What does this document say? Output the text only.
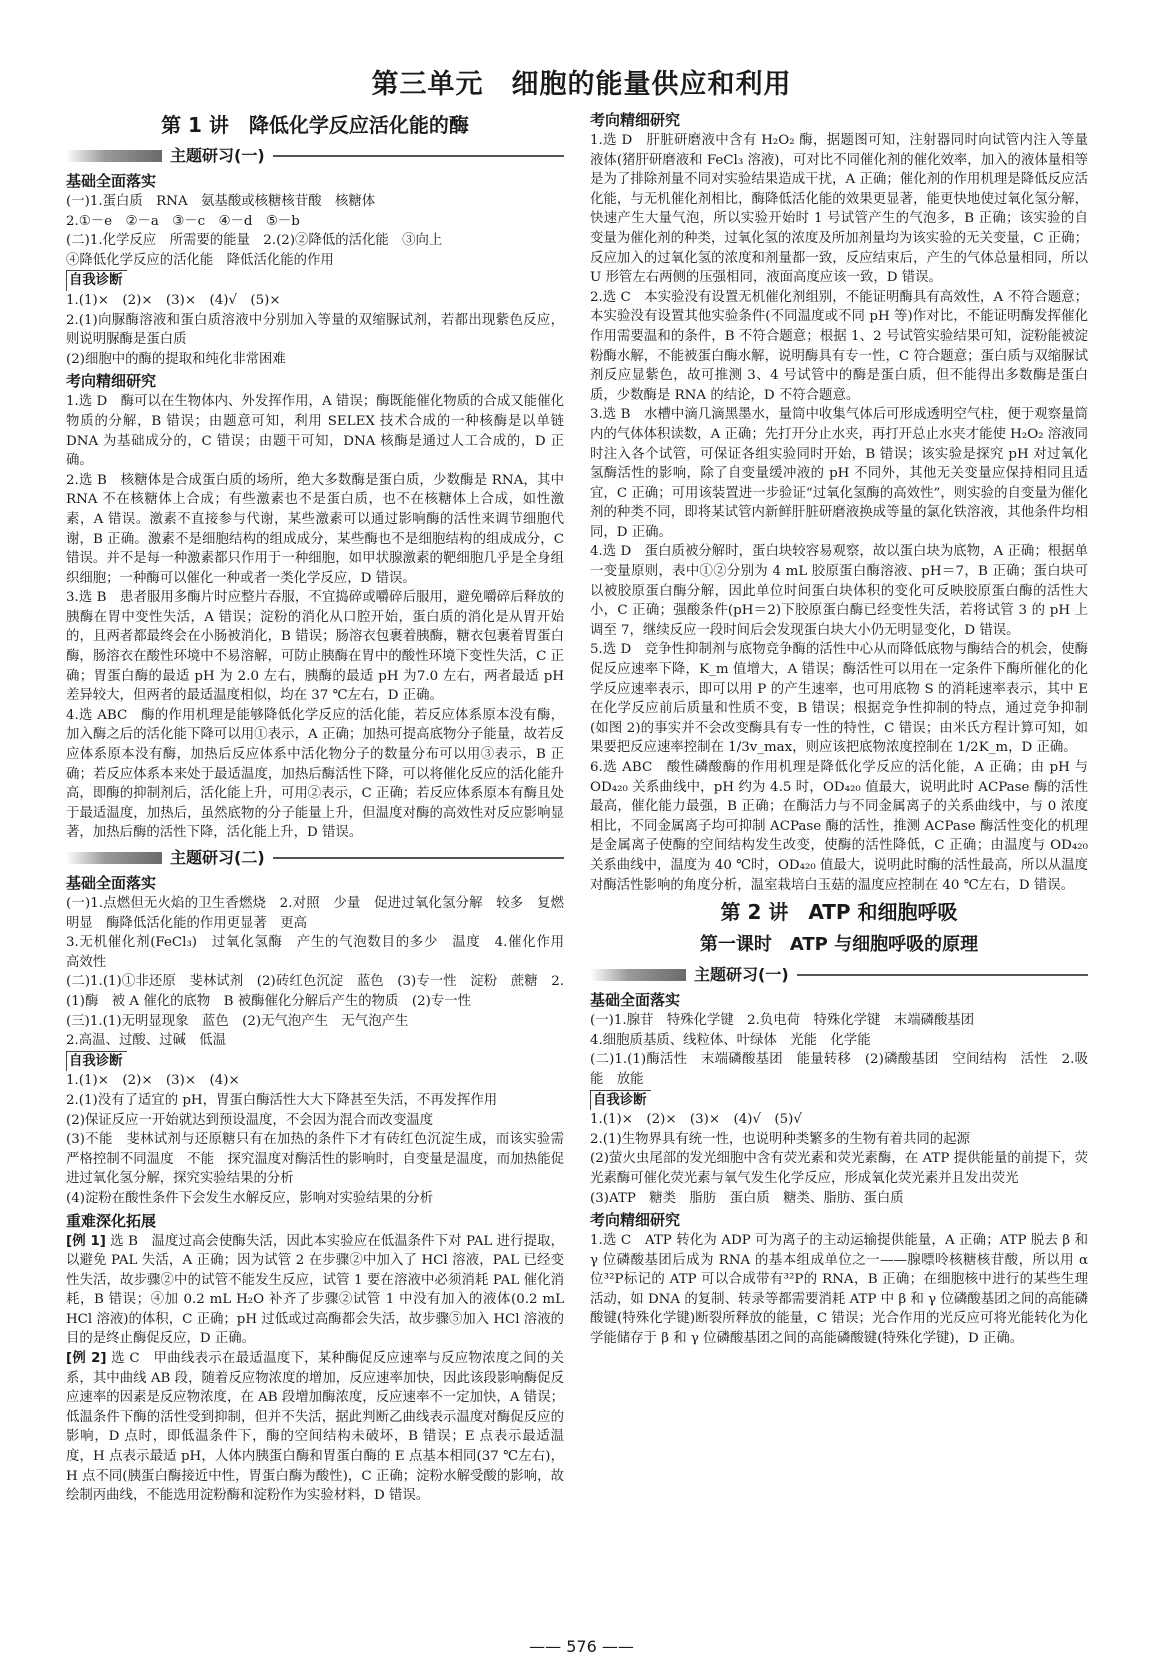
第三单元　细胞的能量供应和利用
第 1 讲　降低化学反应活化能的酶
主题研习(一)
基础全面落实
(一)1.蛋白质　RNA　氨基酸或核糖核苷酸　核糖体
2.①－e　②－a　③－c　④－d　⑤－b
(二)1.化学反应　所需要的能量　2.(2)②降低的活化能　③向上
④降低化学反应的活化能　降低活化能的作用
自我诊断
1.(1)×　(2)×　(3)×　(4)√　(5)×
2.(1)向脲酶溶液和蛋白质溶液中分别加入等量的双缩脲试剂，若都出现紫色反应，则说明脲酶是蛋白质
(2)细胞中的酶的提取和纯化非常困难
考向精细研究
1.选 D　酶可以在生物体内、外发挥作用，A 错误；酶既能催化物质的合成又能催化物质的分解，B 错误；由题意可知，利用 SELEX 技术合成的一种核酶是以单链 DNA 为基础成分的，C 错误；由题干可知，DNA 核酶是通过人工合成的，D 正确。
2.选 B　核糖体是合成蛋白质的场所，绝大多数酶是蛋白质，少数酶是 RNA，其中 RNA 不在核糖体上合成；有些激素也不是蛋白质，也不在核糖体上合成，如性激素，A 错误。激素不直接参与代谢，某些激素可以通过影响酶的活性来调节细胞代谢，B 正确。激素不是细胞结构的组成成分，某些酶也不是细胞结构的组成成分，C 错误。并不是每一种激素都只作用于一种细胞，如甲状腺激素的靶细胞几乎是全身组织细胞；一种酶可以催化一种或者一类化学反应，D 错误。
3.选 B　患者服用多酶片时应整片吞服，不宜捣碎或嚼碎后服用，避免嚼碎后释放的胰酶在胃中变性失活，A 错误；淀粉的消化从口腔开始，蛋白质的消化是从胃开始的，且两者都最终会在小肠被消化，B 错误；肠溶衣包裹着胰酶，糖衣包裹着胃蛋白酶，肠溶衣在酸性环境中不易溶解，可防止胰酶在胃中的酸性环境下变性失活，C 正确；胃蛋白酶的最适 pH 为 2.0 左右，胰酶的最适 pH 为7.0 左右，两者最适 pH 差异较大，但两者的最适温度相似，均在 37 ℃左右，D 正确。
4.选 ABC　酶的作用机理是能够降低化学反应的活化能，若反应体系原本没有酶，加入酶之后的活化能下降可以用①表示，A 正确；加热可提高底物分子能量，故若反应体系原本没有酶，加热后反应体系中活化物分子的数量分布可以用③表示，B 正确；若反应体系本来处于最适温度，加热后酶活性下降，可以将催化反应的活化能升高，即酶的抑制剂后，活化能上升，可用②表示，C 正确；若反应体系原本有酶且处于最适温度，加热后，虽然底物的分子能量上升，但温度对酶的高效性对反应影响显著，加热后酶的活性下降，活化能上升，D 错误。
主题研习(二)
基础全面落实
(一)1.点燃但无火焰的卫生香燃烧　2.对照　少量　促进过氧化氢分解　较多　复燃明显　酶降低活化能的作用更显著　更高
3.无机催化剂(FeCl₃)　过氧化氢酶　产生的气泡数目的多少　温度　4.催化作用　高效性
(二)1.(1)①非还原　斐林试剂　(2)砖红色沉淀　蓝色　(3)专一性　淀粉　蔗糖　2.(1)酶　被 A 催化的底物　B 被酶催化分解后产生的物质　(2)专一性
(三)1.(1)无明显现象　蓝色　(2)无气泡产生　无气泡产生
2.高温、过酸、过碱　低温
自我诊断
1.(1)×　(2)×　(3)×　(4)×
2.(1)没有了适宜的 pH，胃蛋白酶活性大大下降甚至失活，不再发挥作用
(2)保证反应一开始就达到预设温度，不会因为混合而改变温度
(3)不能　斐林试剂与还原糖只有在加热的条件下才有砖红色沉淀生成，而该实验需严格控制不同温度　不能　探究温度对酶活性的影响时，自变量是温度，而加热能促进过氧化氢分解，探究实验结果的分析
(4)淀粉在酸性条件下会发生水解反应，影响对实验结果的分析
重难深化拓展
[例 1] 选 B　温度过高会使酶失活，因此本实验应在低温条件下对 PAL 进行提取，以避免 PAL 失活，A 正确；因为试管 2 在步骤②中加入了 HCl 溶液，PAL 已经变性失活，故步骤②中的试管不能发生反应，试管 1 要在溶液中必须消耗 PAL 催化消耗，B 错误；④加 0.2 mL H₂O 补齐了步骤②试管 1 中没有加入的液体(0.2 mL HCl 溶液)的体积，C 正确；pH 过低或过高酶都会失活，故步骤⑤加入 HCl 溶液的目的是终止酶促反应，D 正确。
[例 2] 选 C　甲曲线表示在最适温度下，某种酶促反应速率与反应物浓度之间的关系，其中曲线 AB 段，随着反应物浓度的增加，反应速率加快，因此该段影响酶促反应速率的因素是反应物浓度，在 AB 段增加酶浓度，反应速率不一定加快，A 错误；低温条件下酶的活性受到抑制，但并不失活，据此判断乙曲线表示温度对酶促反应的影响，D 点时，即低温条件下，酶的空间结构未破坏，B 错误；E 点表示最适温度，H 点表示最适 pH，人体内胰蛋白酶和胃蛋白酶的 E 点基本相同(37 ℃左右)，H 点不同(胰蛋白酶接近中性，胃蛋白酶为酸性)，C 正确；淀粉水解受酸的影响，故绘制丙曲线，不能选用淀粉酶和淀粉作为实验材料，D 错误。
考向精细研究
1.选 D　肝脏研磨液中含有 H₂O₂ 酶，据题图可知，注射器同时向试管内注入等量液体(猪肝研磨液和 FeCl₃ 溶液)，可对比不同催化剂的催化效率，加入的液体量相等是为了排除剂量不同对实验结果造成干扰，A 正确；催化剂的作用机理是降低反应活化能，与无机催化剂相比，酶降低活化能的效果更显著，能更快地使过氧化氢分解，快速产生大量气泡，所以实验开始时 1 号试管产生的气泡多，B 正确；该实验的自变量为催化剂的种类，过氧化氢的浓度及所加剂量均为该实验的无关变量，C 正确；反应加入的过氧化氢的浓度和剂量都一致，反应结束后，产生的气体总量相同，所以 U 形管左右两侧的压强相同，液面高度应该一致，D 错误。
2.选 C　本实验没有设置无机催化剂组别，不能证明酶具有高效性，A 不符合题意；本实验没有设置其他实验条件(不同温度或不同 pH 等)作对比，不能证明酶发挥催化作用需要温和的条件，B 不符合题意；根据 1、2 号试管实验结果可知，淀粉能被淀粉酶水解，不能被蛋白酶水解，说明酶具有专一性，C 符合题意；蛋白质与双缩脲试剂反应显紫色，故可推测 3、4 号试管中的酶是蛋白质，但不能得出多数酶是蛋白质，少数酶是 RNA 的结论，D 不符合题意。
3.选 B　水槽中滴几滴黑墨水，量筒中收集气体后可形成透明空气柱，便于观察量筒内的气体体积读数，A 正确；先打开分止水夹，再打开总止水夹才能使 H₂O₂ 溶液同时注入各个试管，可保证各组实验同时开始，B 错误；该实验是探究 pH 对过氧化氢酶活性的影响，除了自变量缓冲液的 pH 不同外，其他无关变量应保持相同且适宜，C 正确；可用该装置进一步验证“过氧化氢酶的高效性”，则实验的自变量为催化剂的种类不同，即将某试管内新鲜肝脏研磨液换成等量的氯化铁溶液，其他条件均相同，D 正确。
4.选 D　蛋白质被分解时，蛋白块较容易观察，故以蛋白块为底物，A 正确；根据单一变量原则，表中①②分别为 4 mL 胶原蛋白酶溶液、pH＝7，B 正确；蛋白块可以被胶原蛋白酶分解，因此单位时间蛋白块体积的变化可反映胶原蛋白酶的活性大小，C 正确；强酸条件(pH＝2)下胶原蛋白酶已经变性失活，若将试管 3 的 pH 上调至 7，继续反应一段时间后会发现蛋白块大小仍无明显变化，D 错误。
5.选 D　竞争性抑制剂与底物竞争酶的活性中心从而降低底物与酶结合的机会，使酶促反应速率下降，K_m 值增大，A 错误；酶活性可以用在一定条件下酶所催化的化学反应速率表示，即可以用 P 的产生速率，也可用底物 S 的消耗速率表示，其中 E 在化学反应前后质量和性质不变，B 错误；根据竞争性抑制的特点，通过竞争抑制(如图 2)的事实并不会改变酶具有专一性的特性，C 错误；由米氏方程计算可知，如果要把反应速率控制在 1/3v_max，则应该把底物浓度控制在 1/2K_m，D 正确。
6.选 ABC　酸性磷酸酶的作用机理是降低化学反应的活化能，A 正确；由 pH 与 OD₄₂₀ 关系曲线中，pH 约为 4.5 时，OD₄₂₀ 值最大，说明此时 ACPase 酶的活性最高，催化能力最强，B 正确；在酶活力与不同金属离子的关系曲线中，与 0 浓度相比，不同金属离子均可抑制 ACPase 酶的活性，推测 ACPase 酶活性变化的机理是金属离子使酶的空间结构发生改变，使酶的活性降低，C 正确；由温度与 OD₄₂₀ 关系曲线中，温度为 40 ℃时，OD₄₂₀ 值最大，说明此时酶的活性最高，所以从温度对酶活性影响的角度分析，温室栽培白玉菇的温度应控制在 40 ℃左右，D 错误。
第 2 讲　ATP 和细胞呼吸
第一课时　ATP 与细胞呼吸的原理
主题研习(一)
基础全面落实
(一)1.腺苷　特殊化学键　2.负电荷　特殊化学键　末端磷酸基团
4.细胞质基质、线粒体、叶绿体　光能　化学能
(二)1.(1)酶活性　末端磷酸基团　能量转移　(2)磷酸基团　空间结构　活性　2.吸能　放能
自我诊断
1.(1)×　(2)×　(3)×　(4)√　(5)√
2.(1)生物界具有统一性，也说明种类繁多的生物有着共同的起源
(2)萤火虫尾部的发光细胞中含有荧光素和荧光素酶，在 ATP 提供能量的前提下，荧光素酶可催化荧光素与氧气发生化学反应，形成氧化荧光素并且发出荧光
(3)ATP　糖类　脂肪　蛋白质　糖类、脂肪、蛋白质
考向精细研究
1.选 C　ATP 转化为 ADP 可为离子的主动运输提供能量，A 正确；ATP 脱去 β 和 γ 位磷酸基团后成为 RNA 的基本组成单位之一——腺嘌呤核糖核苷酸，所以用 α 位³²P标记的 ATP 可以合成带有³²P的 RNA，B 正确；在细胞核中进行的某些生理活动，如 DNA 的复制、转录等都需要消耗 ATP 中 β 和 γ 位磷酸基团之间的高能磷酸键(特殊化学键)断裂所释放的能量，C 错误；光合作用的光反应可将光能转化为化学能储存于 β 和 γ 位磷酸基团之间的高能磷酸键(特殊化学键)，D 正确。
—— 576 ——
